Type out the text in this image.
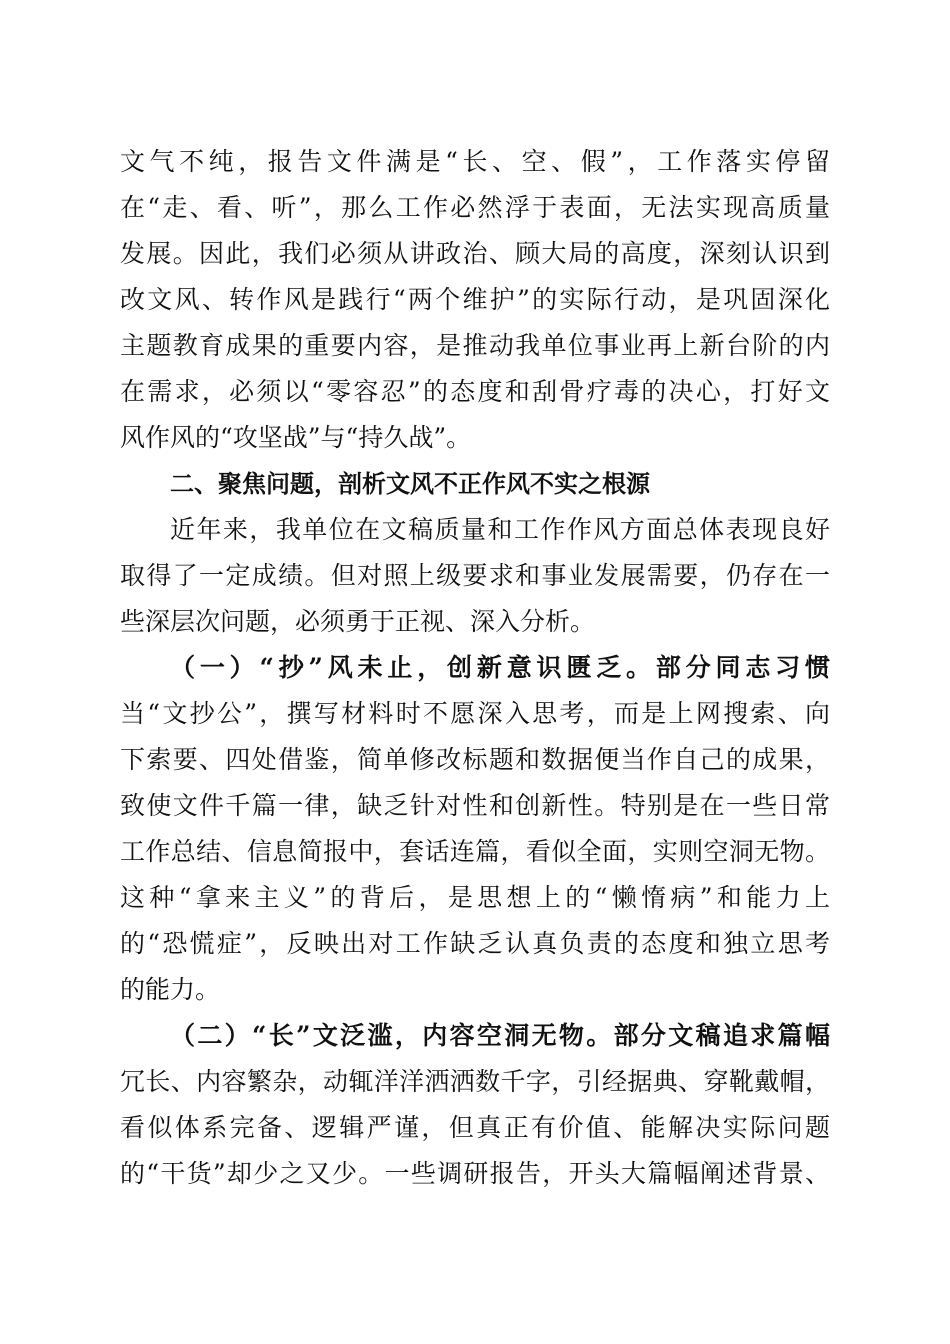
文气不纯，报告文件满是“长、空、假”，工作落实停留
在“走、看、听”，那么工作必然浮于表面，无法实现高质量
发展。因此，我们必须从讲政治、顾大局的高度，深刻认识到
改文风、转作风是践行“两个维护”的实际行动，是巩固深化
主题教育成果的重要内容，是推动我单位事业再上新台阶的内
在需求，必须以“零容忍”的态度和刮骨疗毒的决心，打好文
风作风的“攻坚战”与“持久战”。
二、聚焦问题，剖析文风不正作风不实之根源
近年来，我单位在文稿质量和工作作风方面总体表现良好
取得了一定成绩。但对照上级要求和事业发展需要，仍存在一
些深层次问题，必须勇于正视、深入分析。
（一）“抄”风未止，创新意识匮乏。部分同志习惯
当“文抄公”，撰写材料时不愿深入思考，而是上网搜索、向
下索要、四处借鉴，简单修改标题和数据便当作自己的成果，
致使文件千篇一律，缺乏针对性和创新性。特别是在一些日常
工作总结、信息简报中，套话连篇，看似全面，实则空洞无物。
这种“拿来主义”的背后，是思想上的“懒惰病”和能力上
的“恐慌症”，反映出对工作缺乏认真负责的态度和独立思考
的能力。
（二）“长”文泛滥，内容空洞无物。部分文稿追求篇幅
冗长、内容繁杂，动辄洋洋洒洒数千字，引经据典、穿靴戴帽，
看似体系完备、逻辑严谨，但真正有价值、能解决实际问题
的“干货”却少之又少。一些调研报告，开头大篇幅阐述背景、
